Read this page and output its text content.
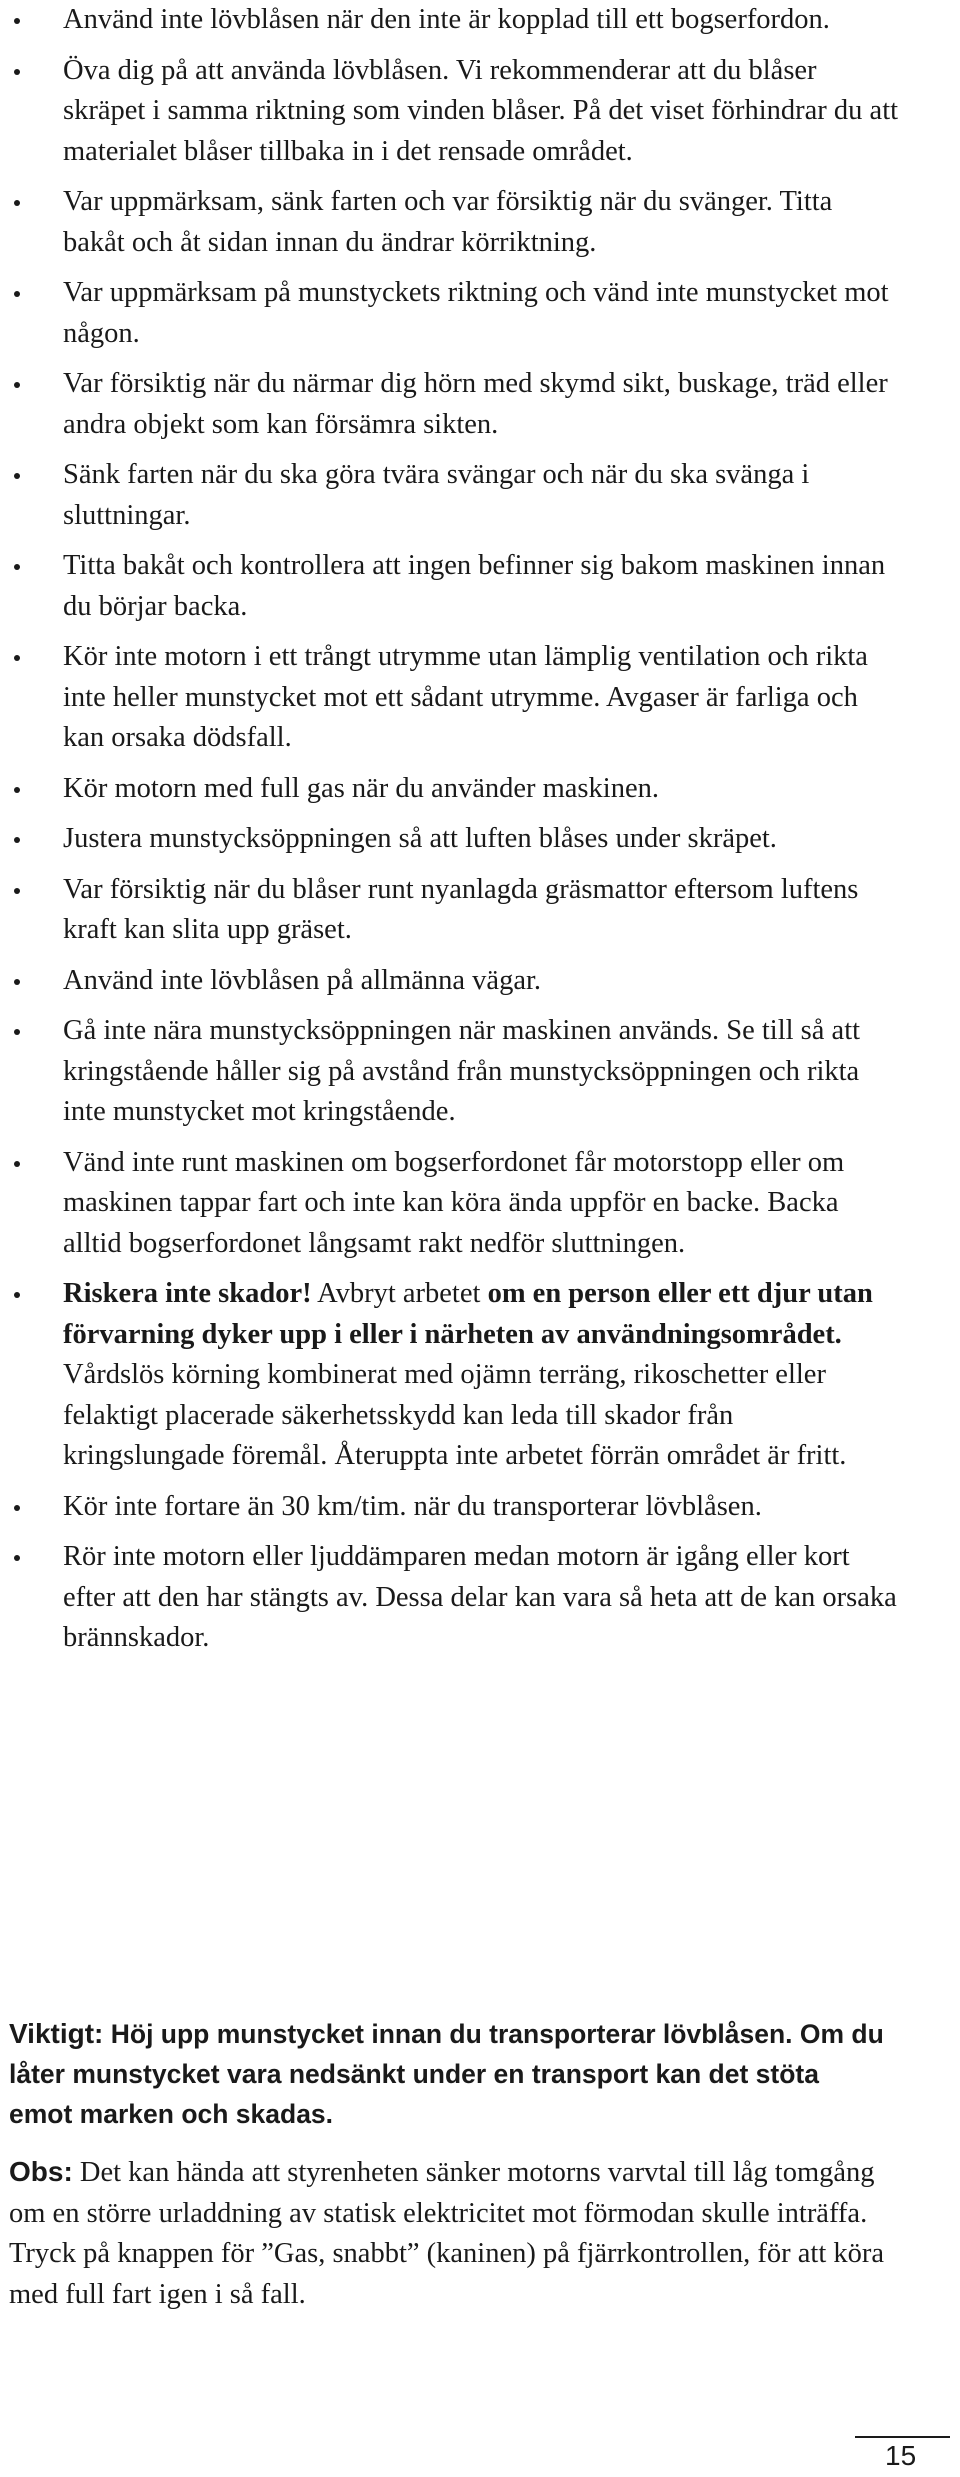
Använd inte lövblåsen när den inte är kopplad till ett bogserfordon.
Öva dig på att använda lövblåsen. Vi rekommenderar att du blåser skräpet i samma riktning som vinden blåser. På det viset förhindrar du att materialet blåser tillbaka in i det rensade området.
Var uppmärksam, sänk farten och var försiktig när du svänger. Titta bakåt och åt sidan innan du ändrar körriktning.
Var uppmärksam på munstyckets riktning och vänd inte munstycket mot någon.
Var försiktig när du närmar dig hörn med skymd sikt, buskage, träd eller andra objekt som kan försämra sikten.
Sänk farten när du ska göra tvära svängar och när du ska svänga i sluttningar.
Titta bakåt och kontrollera att ingen befinner sig bakom maskinen innan du börjar backa.
Kör inte motorn i ett trångt utrymme utan lämplig ventilation och rikta inte heller munstycket mot ett sådant utrymme. Avgaser är farliga och kan orsaka dödsfall.
Kör motorn med full gas när du använder maskinen.
Justera munstycksöppningen så att luften blåses under skräpet.
Var försiktig när du blåser runt nyanlagda gräsmattor eftersom luftens kraft kan slita upp gräset.
Använd inte lövblåsen på allmänna vägar.
Gå inte nära munstycksöppningen när maskinen används. Se till så att kringstående håller sig på avstånd från munstycksöppningen och rikta inte munstycket mot kringstående.
Vänd inte runt maskinen om bogserfordonet får motorstopp eller om maskinen tappar fart och inte kan köra ända uppför en backe. Backa alltid bogserfordonet långsamt rakt nedför sluttningen.
Riskera inte skador! Avbryt arbetet om en person eller ett djur utan förvarning dyker upp i eller i närheten av användningsområdet. Vårdslös körning kombinerat med ojämn terräng, rikoschetter eller felaktigt placerade säkerhetsskydd kan leda till skador från kringslungade föremål. Återuppta inte arbetet förrän området är fritt.
Kör inte fortare än 30 km/tim. när du transporterar lövblåsen.
Rör inte motorn eller ljuddämparen medan motorn är igång eller kort efter att den har stängts av. Dessa delar kan vara så heta att de kan orsaka brännskador.
Viktigt: Höj upp munstycket innan du transporterar lövblåsen. Om du låter munstycket vara nedsänkt under en transport kan det stöta emot marken och skadas.
Obs: Det kan hända att styrenheten sänker motorns varvtal till låg tomgång om en större urladdning av statisk elektricitet mot förmodan skulle inträffa. Tryck på knappen för ”Gas, snabbt” (kaninen) på fjärrkontrollen, för att köra med full fart igen i så fall.
15
